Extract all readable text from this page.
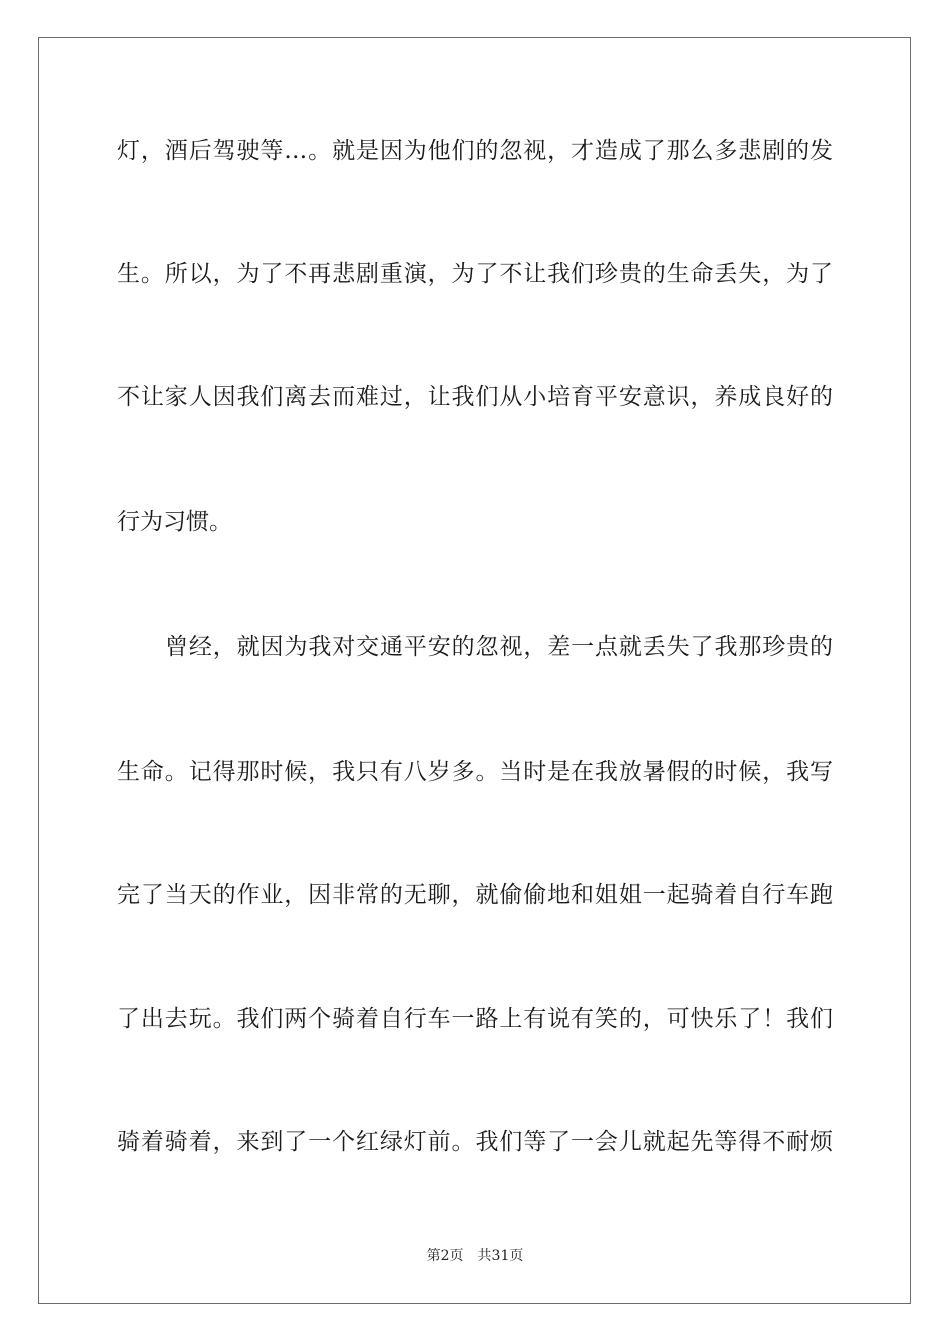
灯，酒后驾驶等…。就是因为他们的忽视，才造成了那么多悲剧的发
生。所以，为了不再悲剧重演，为了不让我们珍贵的生命丢失，为了
不让家人因我们离去而难过，让我们从小培育平安意识，养成良好的
行为习惯。
曾经，就因为我对交通平安的忽视，差一点就丢失了我那珍贵的
生命。记得那时候，我只有八岁多。当时是在我放暑假的时候，我写
完了当天的作业，因非常的无聊，就偷偷地和姐姐一起骑着自行车跑
了出去玩。我们两个骑着自行车一路上有说有笑的，可快乐了！我们
骑着骑着，来到了一个红绿灯前。我们等了一会儿就起先等得不耐烦
第2页 共31页
